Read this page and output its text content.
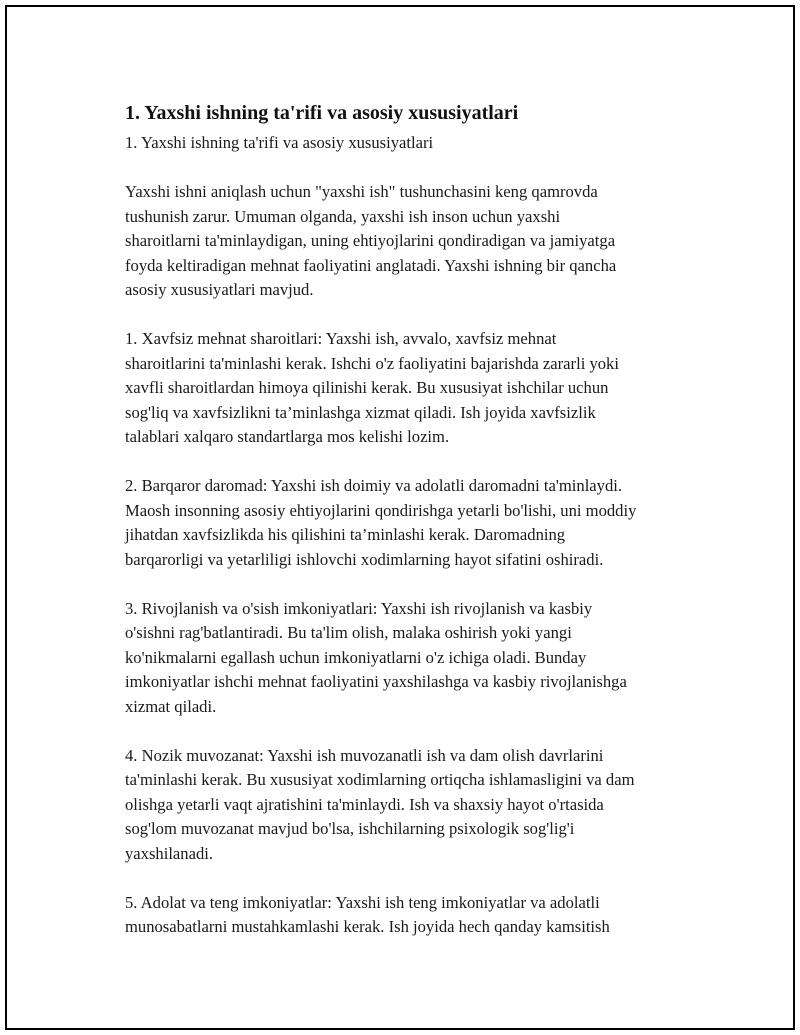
1. Yaxshi ishning ta'rifi va asosiy xususiyatlari

1. Yaxshi ishning ta'rifi va asosiy xususiyatlari

Yaxshi ishni aniqlash uchun "yaxshi ish" tushunchasini keng qamrovda
tushunish zarur. Umuman olganda, yaxshi ish inson uchun yaxshi
sharoitlarni ta'minlaydigan, uning ehtiyojlarini qondiradigan va jamiyatga
foyda keltiradigan mehnat faoliyatini anglatadi. Yaxshi ishning bir qancha
asosiy xususiyatlari mavjud.

1. Xavfsiz mehnat sharoitlari: Yaxshi ish, avvalo, xavfsiz mehnat
sharoitlarini ta'minlashi kerak. Ishchi o'z faoliyatini bajarishda zararli yoki
xavfli sharoitlardan himoya qilinishi kerak. Bu xususiyat ishchilar uchun
sog'liq va xavfsizlikni ta’minlashga xizmat qiladi. Ish joyida xavfsizlik
talablari xalqaro standartlarga mos kelishi lozim.

2. Barqaror daromad: Yaxshi ish doimiy va adolatli daromadni ta'minlaydi.
Maosh insonning asosiy ehtiyojlarini qondirishga yetarli bo'lishi, uni moddiy
jihatdan xavfsizlikda his qilishini ta’minlashi kerak. Daromadning
barqarorligi va yetarliligi ishlovchi xodimlarning hayot sifatini oshiradi.

3. Rivojlanish va o'sish imkoniyatlari: Yaxshi ish rivojlanish va kasbiy
o'sishni rag'batlantiradi. Bu ta'lim olish, malaka oshirish yoki yangi
ko'nikmalarni egallash uchun imkoniyatlarni o'z ichiga oladi. Bunday
imkoniyatlar ishchi mehnat faoliyatini yaxshilashga va kasbiy rivojlanishga
xizmat qiladi.

4. Nozik muvozanat: Yaxshi ish muvozanatli ish va dam olish davrlarini
ta'minlashi kerak. Bu xususiyat xodimlarning ortiqcha ishlamasligini va dam
olishga yetarli vaqt ajratishini ta'minlaydi. Ish va shaxsiy hayot o'rtasida
sog'lom muvozanat mavjud bo'lsa, ishchilarning psixologik sog'lig'i
yaxshilanadi.

5. Adolat va teng imkoniyatlar: Yaxshi ish teng imkoniyatlar va adolatli
munosabatlarni mustahkamlashi kerak. Ish joyida hech qanday kamsitish
